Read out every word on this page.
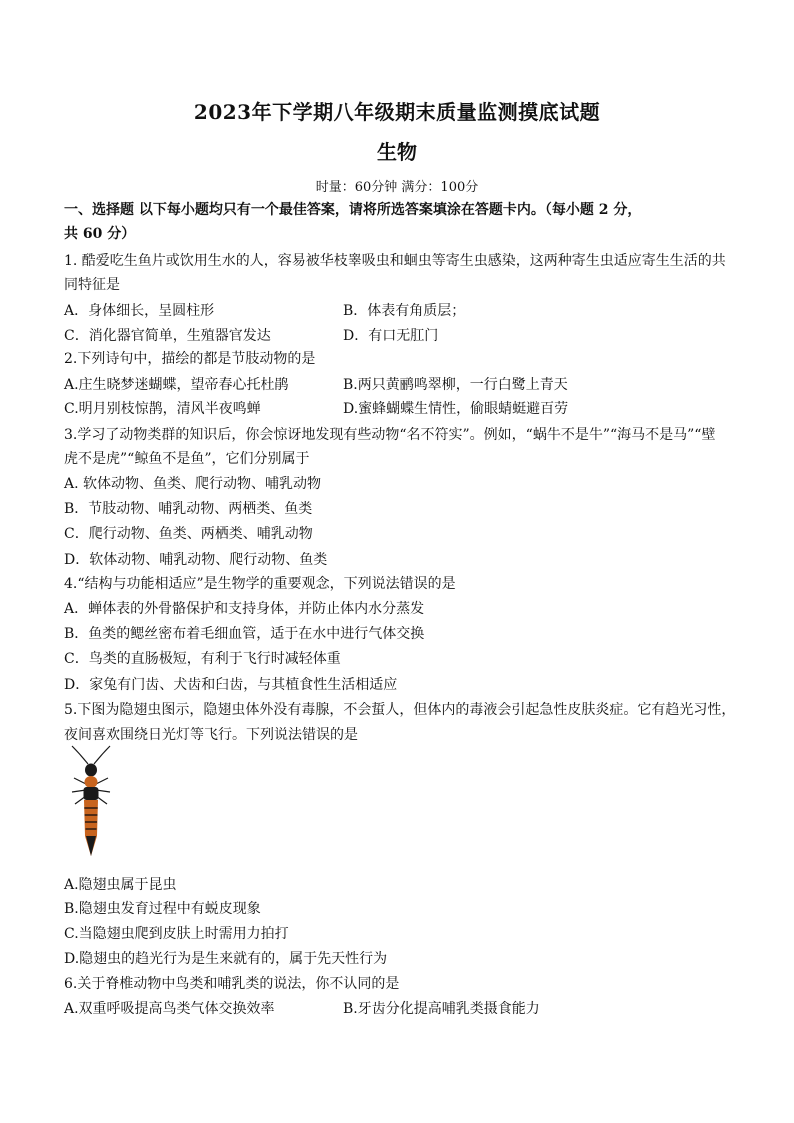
2023年下学期八年级期末质量监测摸底试题
生物
时量：60分钟 满分：100分
一、选择题 以下每小题均只有一个最佳答案，请将所选答案填涂在答题卡内。（每小题 2 分，
共 60 分）
1. 酷爱吃生鱼片或饮用生水的人，容易被华枝睾吸虫和蛔虫等寄生虫感染，这两种寄生虫适应寄生生活的共
同特征是
A．身体细长，呈圆柱形	B．体表有角质层；
C．消化器官简单，生殖器官发达	D．有口无肛门
2.下列诗句中，描绘的都是节肢动物的是
A.庄生晓梦迷蝴蝶，望帝春心托杜鹃	B.两只黄鹂鸣翠柳，一行白鹭上青天
C.明月别枝惊鹊，清风半夜鸣蝉	D.蜜蜂蝴蝶生情性，偷眼蜻蜓避百劳
3.学习了动物类群的知识后，你会惊讶地发现有些动物“名不符实”。例如，“蜗牛不是牛”“海马不是马”“壁
虎不是虎”“鲸鱼不是鱼”，它们分别属于
A. 软体动物、鱼类、爬行动物、哺乳动物
B．节肢动物、哺乳动物、两栖类、鱼类
C．爬行动物、鱼类、两栖类、哺乳动物
D．软体动物、哺乳动物、爬行动物、鱼类
4.“结构与功能相适应”是生物学的重要观念，下列说法错误的是
A．蝉体表的外骨骼保护和支持身体，并防止体内水分蒸发
B．鱼类的鳃丝密布着毛细血管，适于在水中进行气体交换
C．鸟类的直肠极短，有利于飞行时减轻体重
D．家兔有门齿、犬齿和臼齿，与其植食性生活相适应
5.下图为隐翅虫图示，隐翅虫体外没有毒腺，不会蜇人，但体内的毒液会引起急性皮肤炎症。它有趋光习性，
夜间喜欢围绕日光灯等飞行。下列说法错误的是
A.隐翅虫属于昆虫
B.隐翅虫发育过程中有蜕皮现象
C.当隐翅虫爬到皮肤上时需用力拍打
D.隐翅虫的趋光行为是生来就有的，属于先天性行为
6.关于脊椎动物中鸟类和哺乳类的说法，你不认同的是
A.双重呼吸提高鸟类气体交换效率	B.牙齿分化提高哺乳类摄食能力
